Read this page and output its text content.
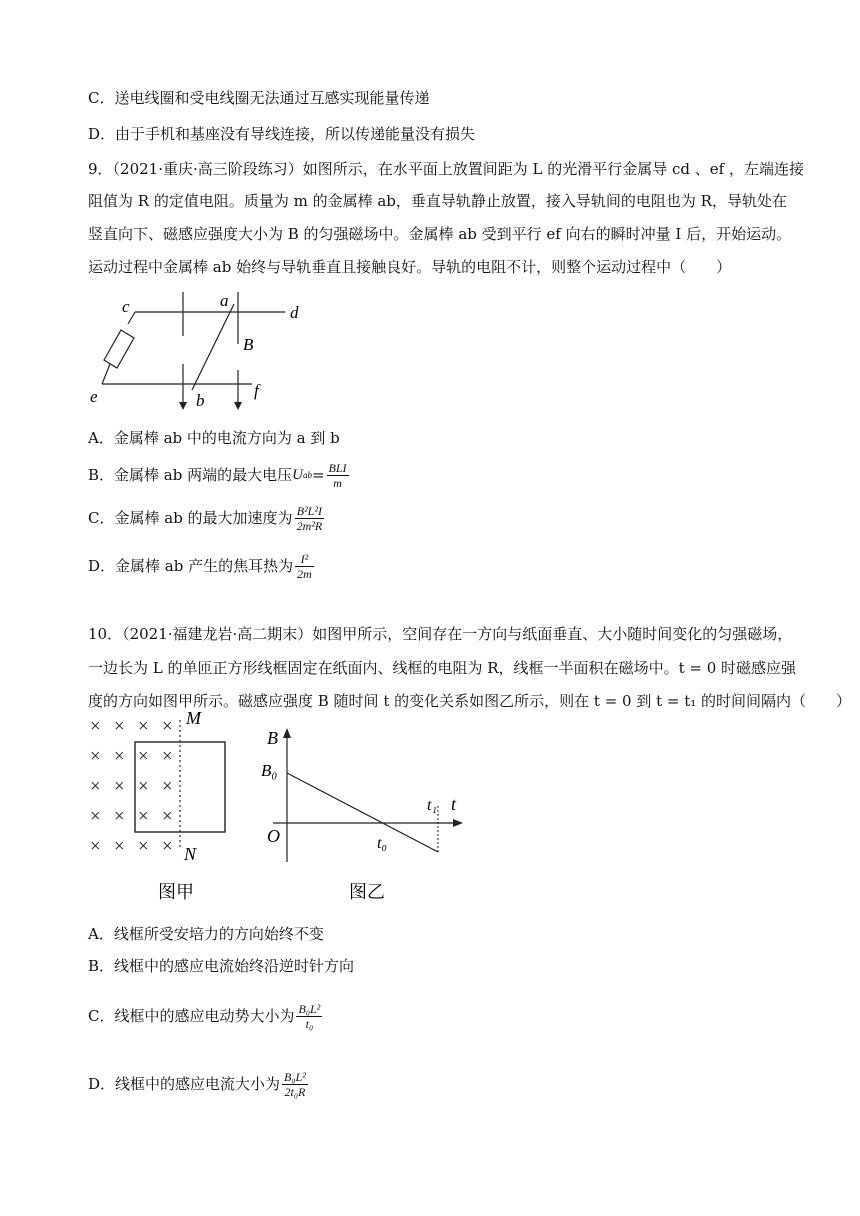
C．送电线圈和受电线圈无法通过互感实现能量传递
D．由于手机和基座没有导线连接，所以传递能量没有损失
9．（2021·重庆·高三阶段练习）如图所示，在水平面上放置间距为 L 的光滑平行金属导 cd 、ef ，左端连接
阻值为 R 的定值电阻。质量为 m 的金属棒 ab，垂直导轨静止放置，接入导轨间的电阻也为 R，导轨处在
竖直向下、磁感应强度大小为 B 的匀强磁场中。金属棒 ab 受到平行 ef 向右的瞬时冲量 I 后，开始运动。
运动过程中金属棒 ab 始终与导轨垂直且接触良好。导轨的电阻不计，则整个运动过程中（　　）
c	a
d
B
e	b
f
A．金属棒 ab 中的电流方向为 a 到 b
B．金属棒 ab 两端的最大电压 U ab = $\frac{\text{BLI}}{m}$
C．金属棒 ab 的最大加速度为 $\frac{\text{B²L²I}}{\text{2m²R}}$
D．金属棒 ab 产生的焦耳热为 $\frac{\text{I²}}{2m}$
10．（2021·福建龙岩·高二期末）如图甲所示，空间存在一方向与纸面垂直、大小随时间变化的匀强磁场，
一边长为 L 的单匝正方形线框固定在纸面内、线框的电阻为 R，线框一半面积在磁场中。t = 0 时磁感应强
度的方向如图甲所示。磁感应强度 B 随时间 t 的变化关系如图乙所示，则在 t = 0 到 t = t₁ 的时间间隔内（　　）
× × × ×
× × × ×
× × × ×
× × × ×
× × × ×
M
N
图甲
B
B₀
t
t₁
O	t₀
图乙
A．线框所受安培力的方向始终不变
B．线框中的感应电流始终沿逆时针方向
C．线框中的感应电动势大小为 $\frac{\text{B₀L²}}{\text{t₀}}$
D．线框中的感应电流大小为 $\frac{\text{B₀L²}}{\text{2t₀R}}$
